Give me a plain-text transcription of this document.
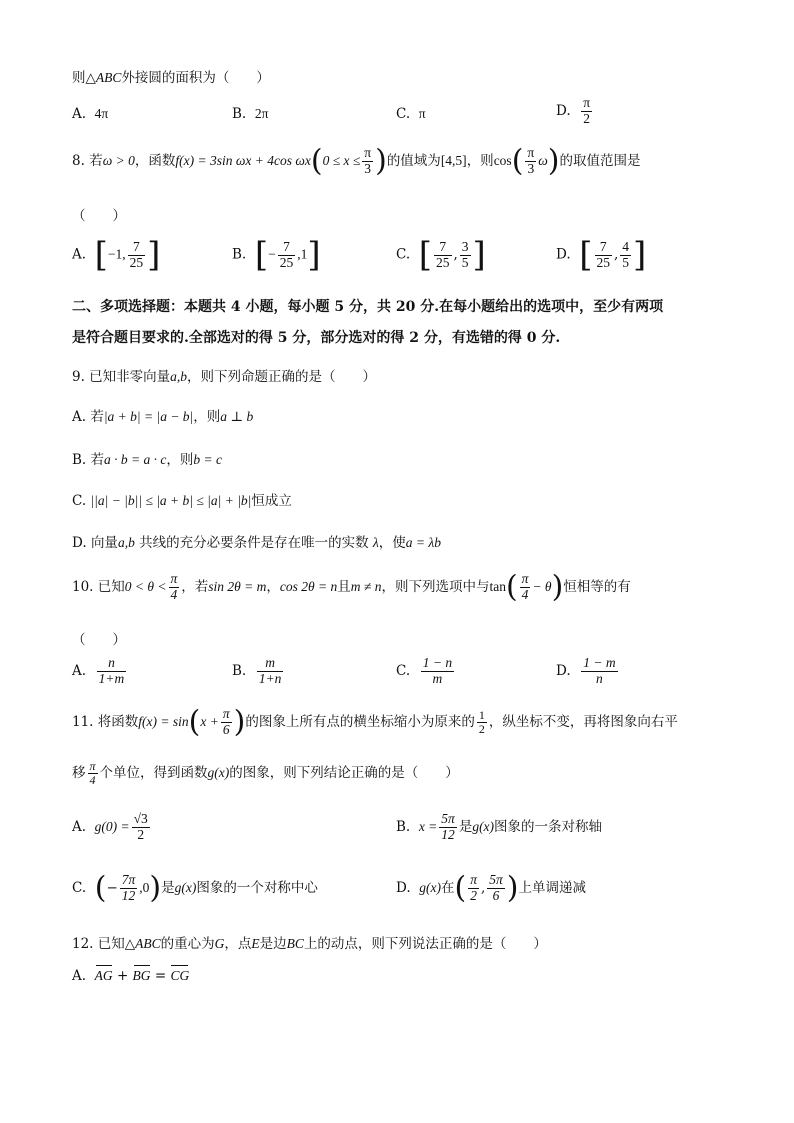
则△ABC外接圆的面积为（　　）
A. 4π	B. 2π	C. π	D. $\frac{\pi}{2}$
8. 若ω > 0，函数f(x) = 3sin ωx + 4cos $\omega x(0 \le x \le \frac{\pi}{3}$ )的值域为[4,5]，则$\cos( \frac{\pi}{3} \omega)$的取值范围是
（　　）
A. [−1, $\frac{7}{25}$ ]	B. [− $\frac{7}{25} ,1$]	C. [ $\frac{7}{25}$ , $\frac{3}{5}$ ]	D. [ $\frac{7}{25}$ , $\frac{4}{5}$ ]
二、多项选择题：本题共 4 小题，每小题 5 分，共 20 分.在每小题给出的选项中，至少有两项
是符合题目要求的.全部选对的得 5 分，部分选对的得 2 分，有选错的得 0 分.
9. 已知非零向量a,b，则下列命题正确的是（　　）
A. 若|a + b| = |a − b|，则a ⊥ b
B. 若a · b = a · c，则b = c
C. ||a| − |b|| ≤ |a + b| ≤ |a| + |b|恒成立
D. 向量a,b 共线的充分必要条件是存在唯一的实数 λ，使a = λb
10. 已知$0 < \theta < \frac{\pi}{4}$ ，若sin 2θ = m，cos 2θ = n且m ≠ n，则下列选项中与$\tan( \frac{\pi}{4} - \theta)$恒相等的有
（　　）
A. $\frac{n}{1+m}$	B. $\frac{m}{1+n}$	C. $\frac{1 - n}{m}$	D. $\frac{1 - m}{n}$
11. 将函数$f(x) = \sin(x + \frac{\pi}{6}$ )的图象上所有点的横坐标缩小为原来的 $\frac{1}{2}$ ，纵坐标不变，再将图象向右平
移 $\frac{\pi}{4}$ 个单位，得到函数g(x)的图象，则下列结论正确的是（　　）
A. $g(0) = \frac{√3}{2}$	B. $x = \frac{5\pi}{12}$ 是g(x)图象的一条对称轴
C. (− $\frac{7\pi}{12} ,0$)是g(x)图象的一个对称中心	D. g(x)在( $\frac{\pi}{2}$ , $\frac{5\pi}{6}$ )上单调递减
12. 已知△ABC的重心为G，点E是边BC上的动点，则下列说法正确的是（　　）
A. AG + BG = CG
